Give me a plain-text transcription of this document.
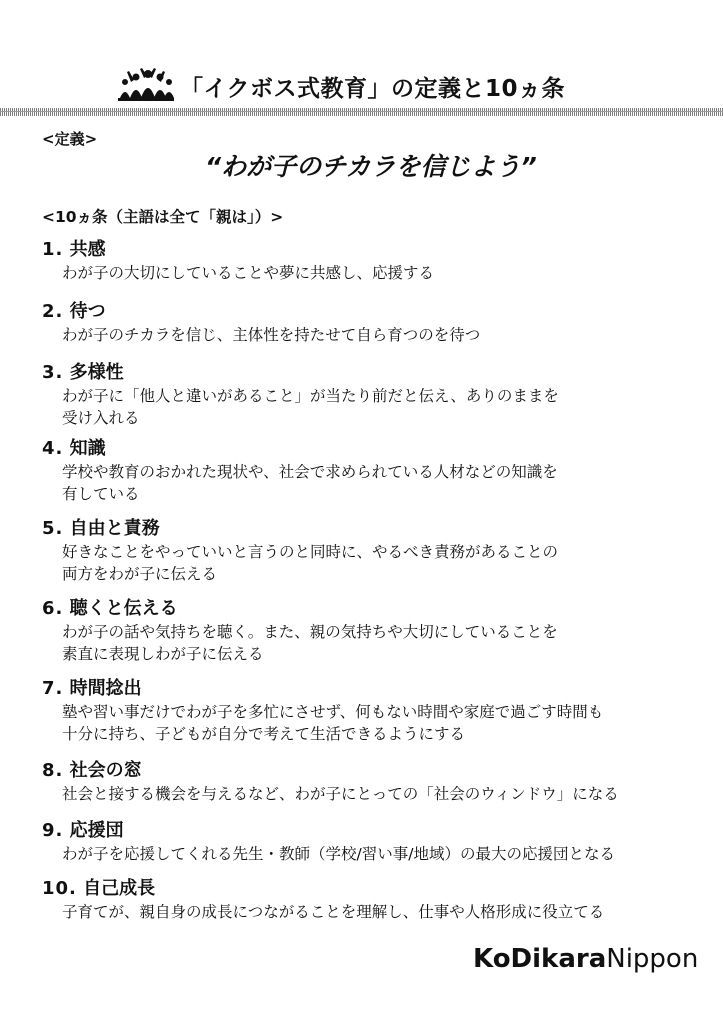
「イクボス式教育」の定義と10ヵ条
<定義>
“わが子のチカラを信じよう”
<10ヵ条（主語は全て「親は」）>
1. 共感
わが子の大切にしていることや夢に共感し、応援する
2. 待つ
わが子のチカラを信じ、主体性を持たせて自ら育つのを待つ
3. 多様性
わが子に「他人と違いがあること」が当たり前だと伝え、ありのままを
受け入れる
4. 知識
学校や教育のおかれた現状や、社会で求められている人材などの知識を
有している
5. 自由と責務
好きなことをやっていいと言うのと同時に、やるべき責務があることの
両方をわが子に伝える
6. 聴くと伝える
わが子の話や気持ちを聴く。また、親の気持ちや大切にしていることを
素直に表現しわが子に伝える
7. 時間捻出
塾や習い事だけでわが子を多忙にさせず、何もない時間や家庭で過ごす時間も
十分に持ち、子どもが自分で考えて生活できるようにする
8. 社会の窓
社会と接する機会を与えるなど、わが子にとっての「社会のウィンドウ」になる
9. 応援団
わが子を応援してくれる先生・教師（学校/習い事/地域）の最大の応援団となる
10. 自己成長
子育てが、親自身の成長につながることを理解し、仕事や人格形成に役立てる
KoDikaraNippon
